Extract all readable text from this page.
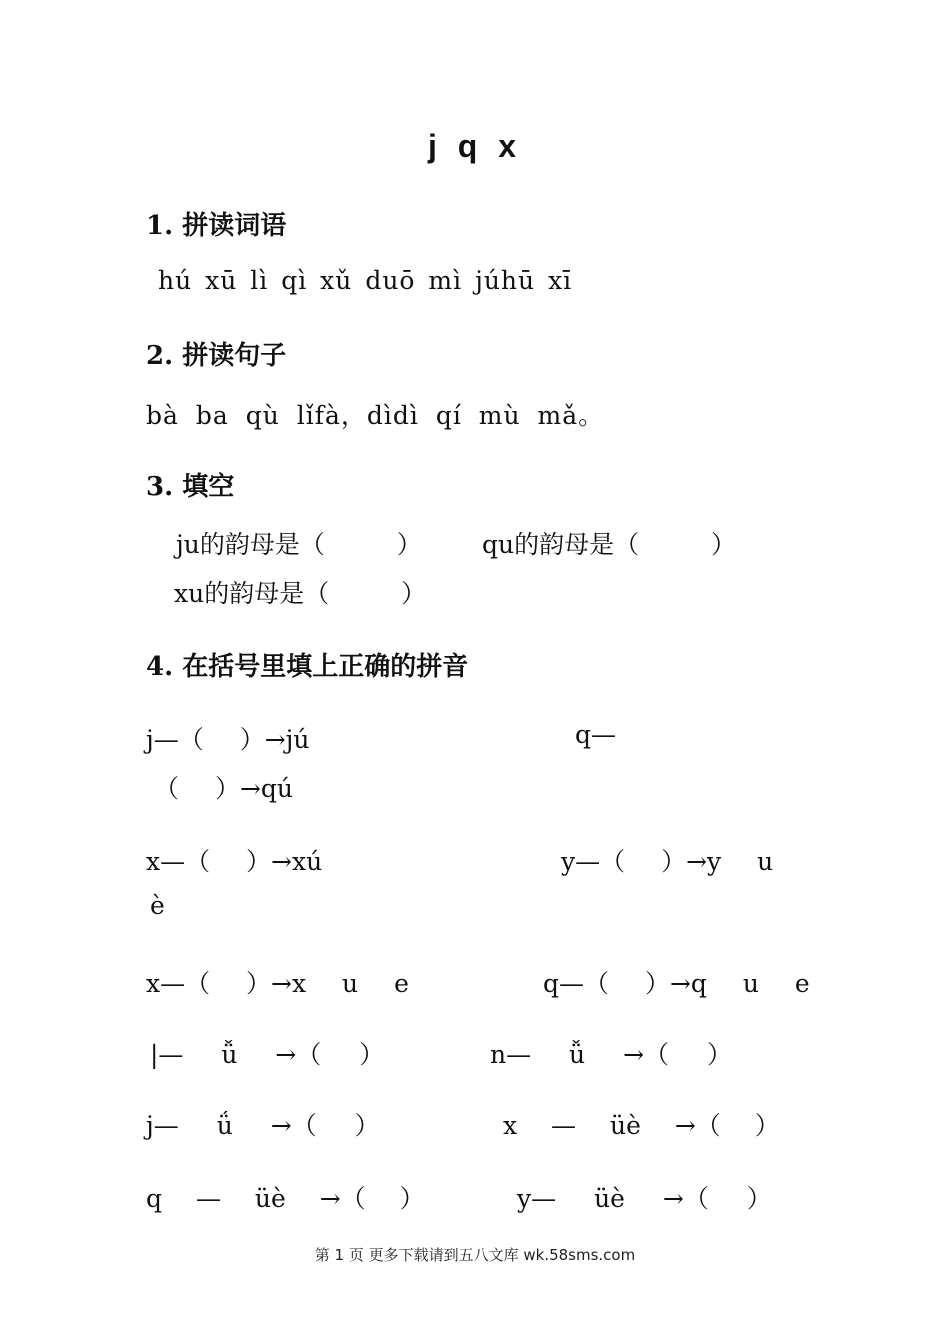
j q x
1. 拼读词语
hú xū lì qì xǔ duō mì júhū xī
2. 拼读句子
bà ba qù lǐfà，dìdì qí mù mǎ。
3. 填空
ju的韵母是（ ） qu的韵母是（ ）
xu的韵母是（ ）
4. 在括号里填上正确的拼音
j—（ ）→jú	q—
（ ）→qú
x—（ ）→xú	y—（ ）→y u
è
x—（ ）→x u e	q—（ ）→q u e
|— ǚ →（ ）	n— ǚ →（ ）
j— ǘ →（ ）	x — üè →（ ）
q — üè →（ ）	y— üè →（ ）
第 1 页 更多下载请到五八文库 wk.58sms.com
